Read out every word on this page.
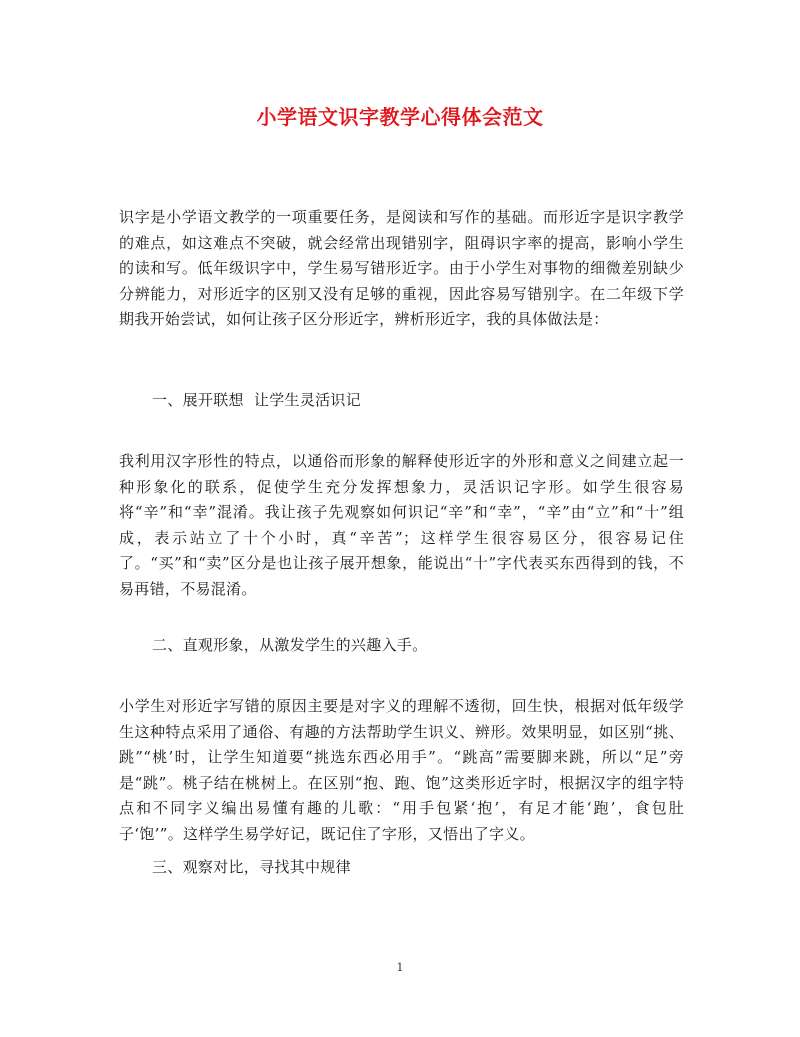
小学语文识字教学心得体会范文

识字是小学语文教学的一项重要任务，是阅读和写作的基础。而形近字是识字教学的难点，如这难点不突破，就会经常出现错别字，阻碍识字率的提高，影响小学生的读和写。低年级识字中，学生易写错形近字。由于小学生对事物的细微差别缺少分辨能力，对形近字的区别又没有足够的重视，因此容易写错别字。在二年级下学期我开始尝试，如何让孩子区分形近字，辨析形近字，我的具体做法是：

一、展开联想  让学生灵活识记

我利用汉字形性的特点，以通俗而形象的解释使形近字的外形和意义之间建立起一种形象化的联系，促使学生充分发挥想象力，灵活识记字形。如学生很容易将“辛”和“幸”混淆。我让孩子先观察如何识记“辛”和“幸”，“辛”由“立”和“十”组成，表示站立了十个小时，真“辛苦”；这样学生很容易区分，很容易记住了。“买”和“卖”区分是也让孩子展开想象，能说出“十”字代表买东西得到的钱，不易再错，不易混淆。

二、直观形象，从激发学生的兴趣入手。

小学生对形近字写错的原因主要是对字义的理解不透彻，回生快，根据对低年级学生这种特点采用了通俗、有趣的方法帮助学生识义、辨形。效果明显，如区别“挑、跳”“桃’时，让学生知道要“挑选东西必用手”。“跳高”需要脚来跳，所以“足”旁是“跳”。桃子结在桃树上。在区别“抱、跑、饱”这类形近字时，根据汉字的组字特点和不同字义编出易懂有趣的儿歌：“用手包紧‘抱’，有足才能‘跑’，食包肚子‘饱’”。这样学生易学好记，既记住了字形，又悟出了字义。

三、观察对比，寻找其中规律

1
